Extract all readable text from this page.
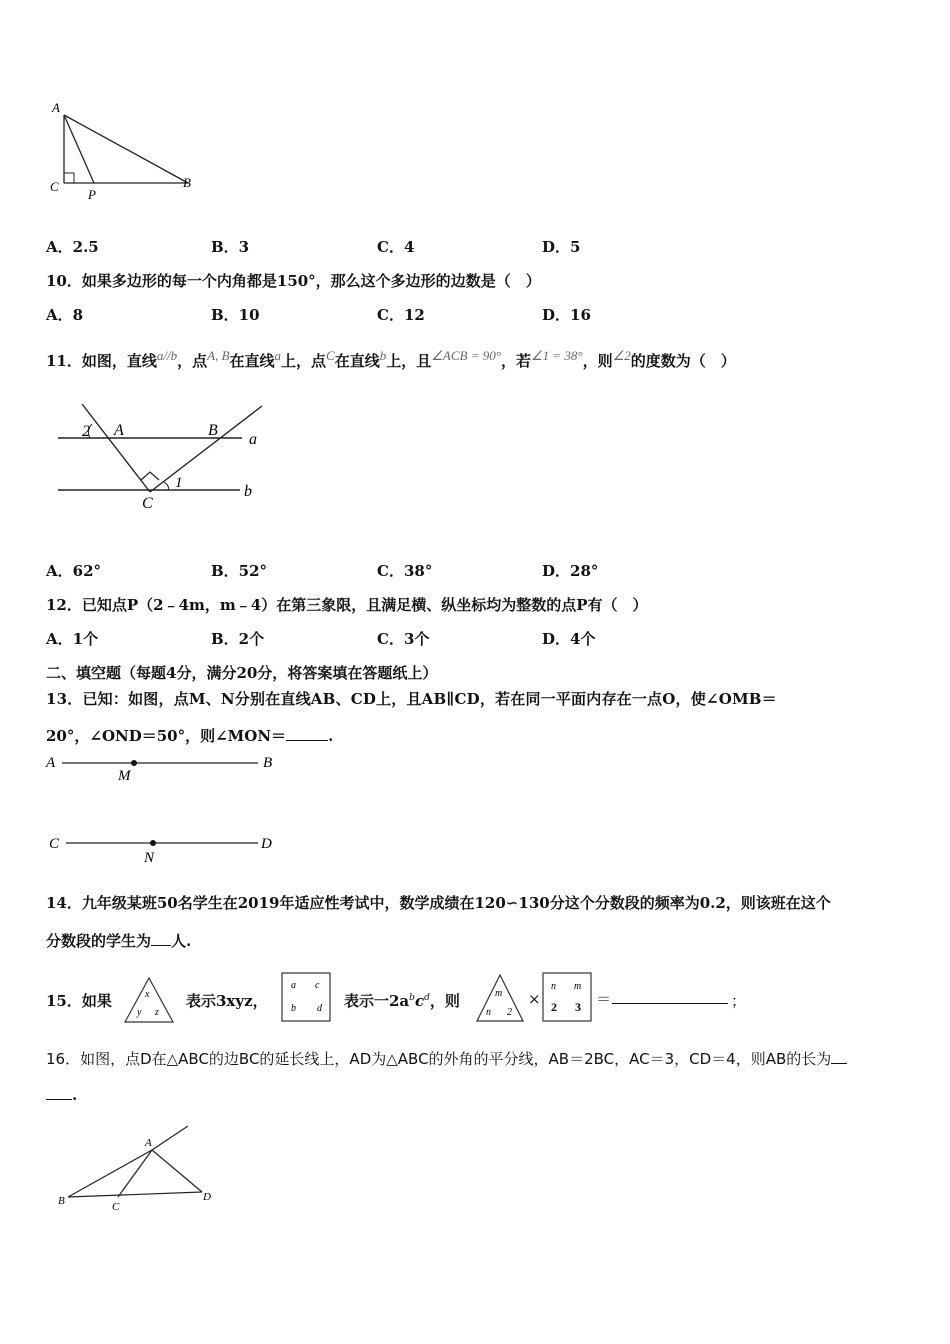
A
C
P
B
A．2.5	B．3	C．4	D．5
10．如果多边形的每一个内角都是150°，那么这个多边形的边数是（　）
A．8	B．10	C．12	D．16
11．如图，直线a//b，点A, B在直线a上，点C在直线b上，且∠ACB = 90°，若∠1 = 38°，则∠2的度数为（　）
2 A	B
a
1	b
C
A．62°	B．52°	C．38°	D．28°
12．已知点P（2﹣4m，m﹣4）在第三象限，且满足横、纵坐标均为整数的点P有（　）
A．1个	B．2个	C．3个	D．4个
二、填空题（每题4分，满分20分，将答案填在答题纸上）
13．已知：如图，点M、N分别在直线AB、CD上，且AB∥CD，若在同一平面内存在一点O，使∠OMB＝
20°，∠OND＝50°，则∠MON＝	.
A	B
M
C	D
N
14．九年级某班50名学生在2019年适应性考试中，数学成绩在120∽130分这个分数段的频率为0.2，则该班在这个
分数段的学生为 人.
15．如果	x
y z
表示3xyz，
a c
b d 表示一$2a^bc^d$，则	m
n 2
×
n m
2 3 ＝	；
16．如图，点D在△ABC的边BC的延长线上，AD为△ABC的外角的平分线，AB＝2BC，AC＝3，CD＝4，则AB的长为
.
A
B	C
D
